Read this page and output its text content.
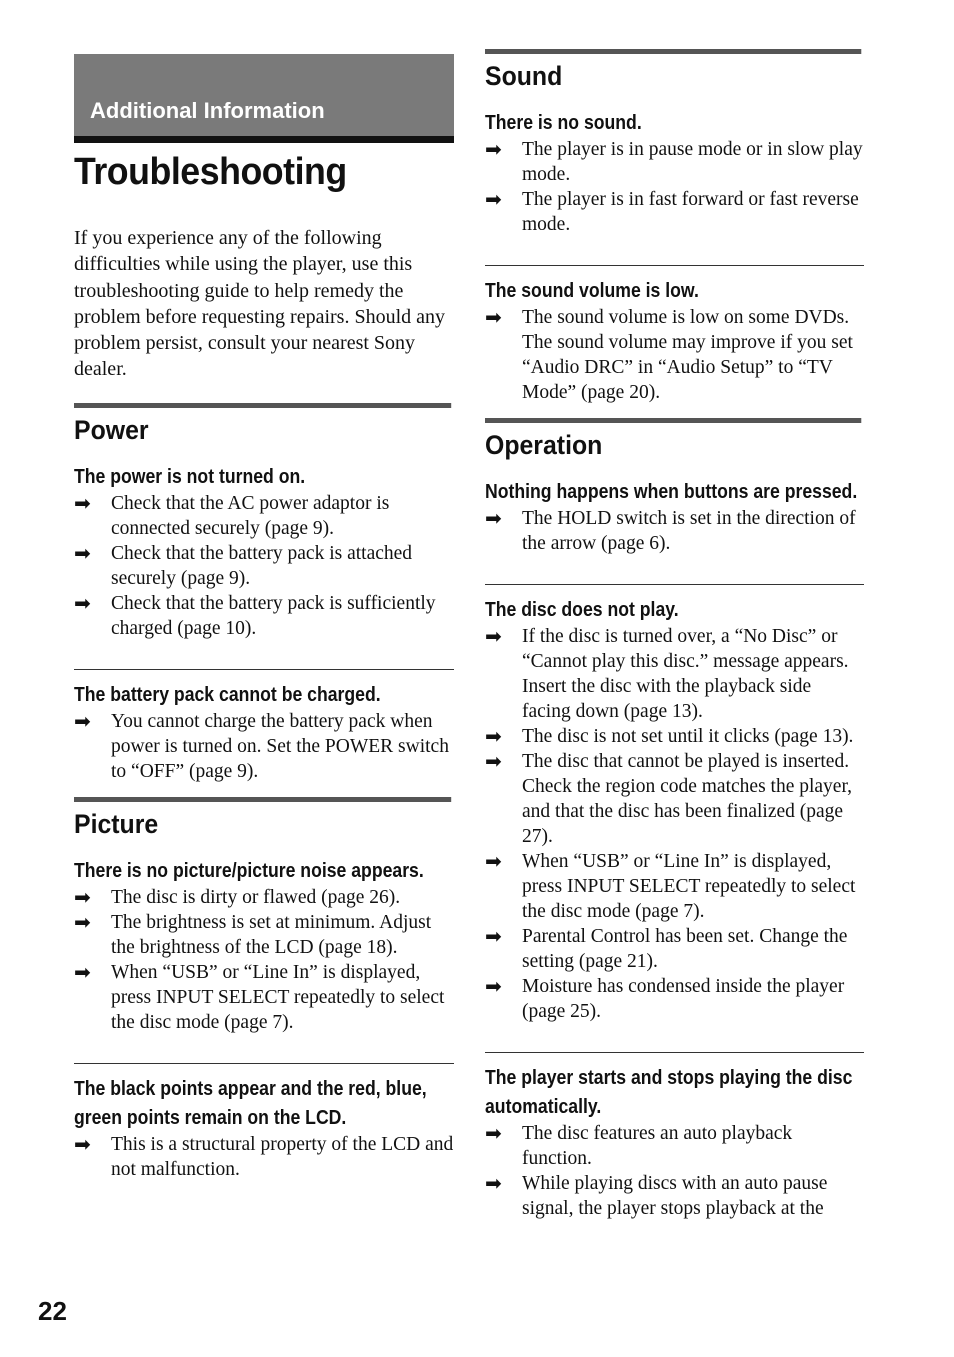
Additional Information
Troubleshooting

If you experience any of the following difficulties while using the player, use this troubleshooting guide to help remedy the problem before requesting repairs. Should any problem persist, consult your nearest Sony dealer.

Power
The power is not turned on.
➡ Check that the AC power adaptor is connected securely (page 9).
➡ Check that the battery pack is attached securely (page 9).
➡ Check that the battery pack is sufficiently charged (page 10).
The battery pack cannot be charged.
➡ You cannot charge the battery pack when power is turned on. Set the POWER switch to “OFF” (page 9).
Picture
There is no picture/picture noise appears.
➡ The disc is dirty or flawed (page 26).
➡ The brightness is set at minimum. Adjust the brightness of the LCD (page 18).
➡ When “USB” or “Line In” is displayed, press INPUT SELECT repeatedly to select the disc mode (page 7).
The black points appear and the red, blue, green points remain on the LCD.
➡ This is a structural property of the LCD and not malfunction.
Sound
There is no sound.
➡ The player is in pause mode or in slow play mode.
➡ The player is in fast forward or fast reverse mode.
The sound volume is low.
➡ The sound volume is low on some DVDs. The sound volume may improve if you set “Audio DRC” in “Audio Setup” to “TV Mode” (page 20).
Operation
Nothing happens when buttons are pressed.
➡ The HOLD switch is set in the direction of the arrow (page 6).
The disc does not play.
➡ If the disc is turned over, a “No Disc” or “Cannot play this disc.” message appears. Insert the disc with the playback side facing down (page 13).
➡ The disc is not set until it clicks (page 13).
➡ The disc that cannot be played is inserted. Check the region code matches the player, and that the disc has been finalized (page 27).
➡ When “USB” or “Line In” is displayed, press INPUT SELECT repeatedly to select the disc mode (page 7).
➡ Parental Control has been set. Change the setting (page 21).
➡ Moisture has condensed inside the player (page 25).
The player starts and stops playing the disc automatically.
➡ The disc features an auto playback function.
➡ While playing discs with an auto pause signal, the player stops playback at the
22
